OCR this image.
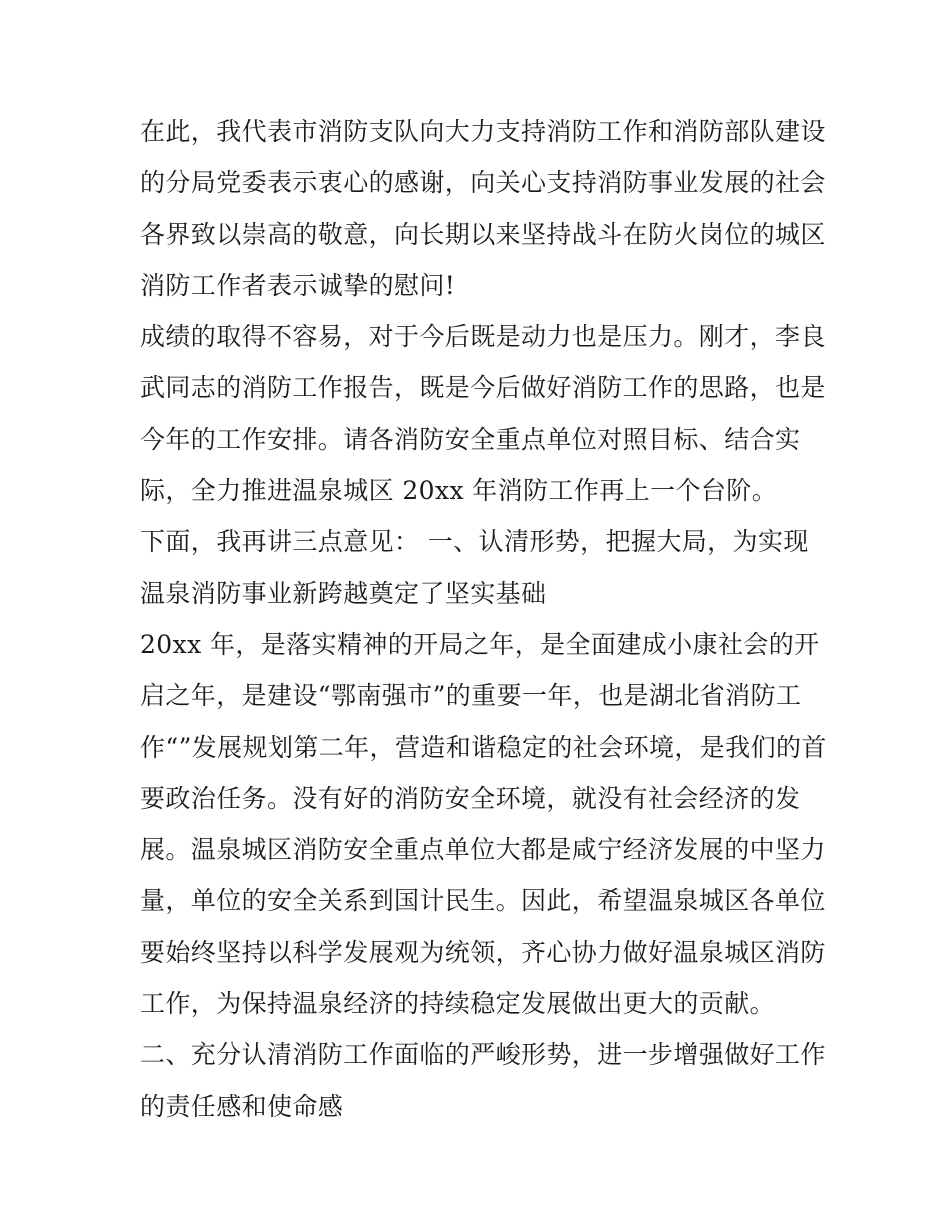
在此，我代表市消防支队向大力支持消防工作和消防部队建设
的分局党委表示衷心的感谢，向关心支持消防事业发展的社会
各界致以崇高的敬意，向长期以来坚持战斗在防火岗位的城区
消防工作者表示诚挚的慰问!
成绩的取得不容易，对于今后既是动力也是压力。刚才，李良
武同志的消防工作报告，既是今后做好消防工作的思路，也是
今年的工作安排。请各消防安全重点单位对照目标、结合实
际，全力推进温泉城区 20xx 年消防工作再上一个台阶。
下面，我再讲三点意见： 一、认清形势，把握大局，为实现
温泉消防事业新跨越奠定了坚实基础
20xx 年，是落实精神的开局之年，是全面建成小康社会的开
启之年，是建设“鄂南强市”的重要一年，也是湖北省消防工
作“”发展规划第二年，营造和谐稳定的社会环境，是我们的首
要政治任务。没有好的消防安全环境，就没有社会经济的发
展。温泉城区消防安全重点单位大都是咸宁经济发展的中坚力
量，单位的安全关系到国计民生。因此，希望温泉城区各单位
要始终坚持以科学发展观为统领，齐心协力做好温泉城区消防
工作，为保持温泉经济的持续稳定发展做出更大的贡献。
二、充分认清消防工作面临的严峻形势，进一步增强做好工作
的责任感和使命感
